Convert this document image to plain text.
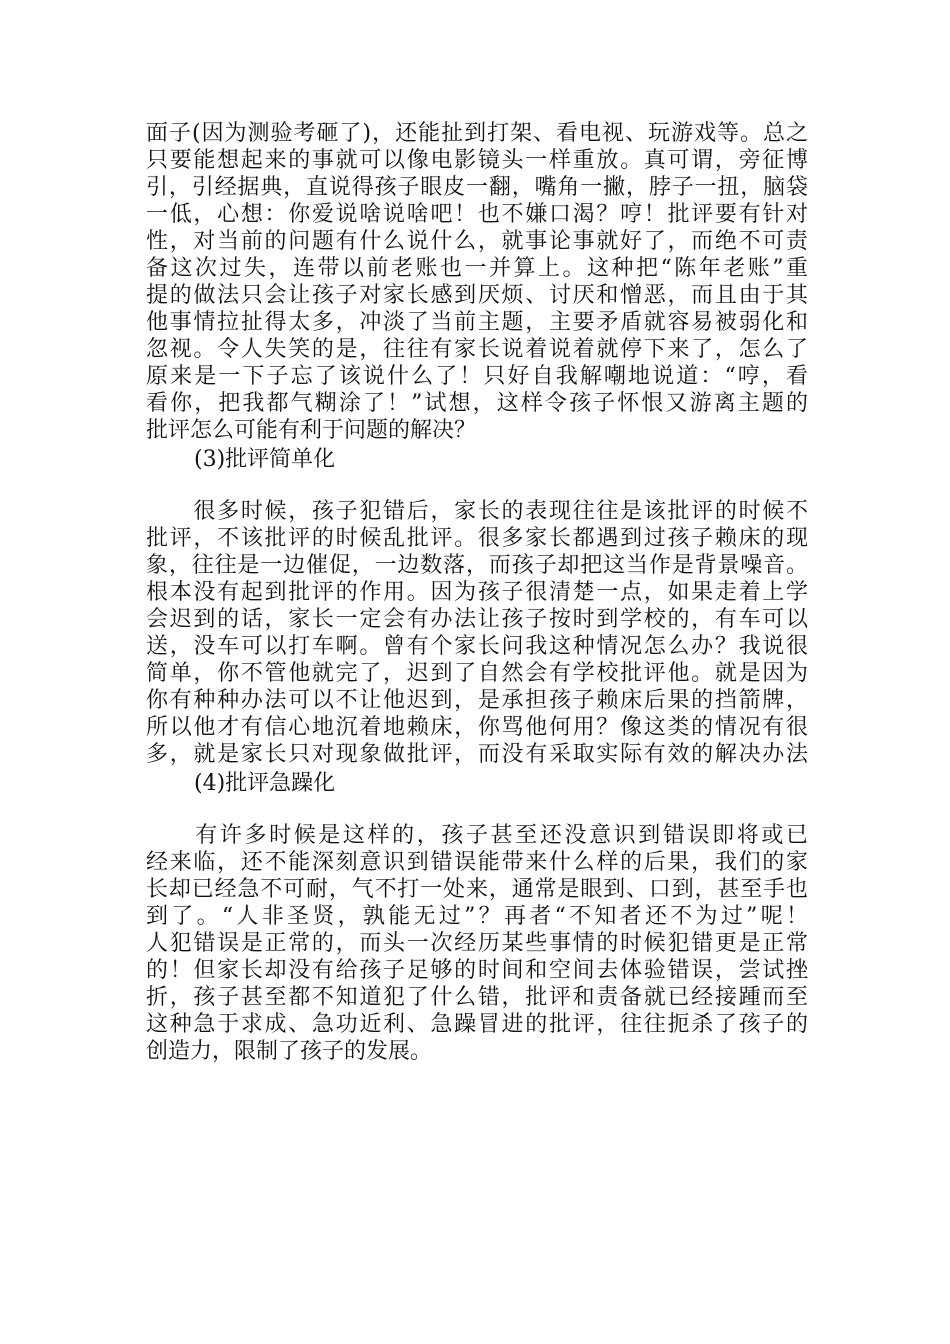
面子(因为测验考砸了)，还能扯到打架、看电视、玩游戏等。总之
只要能想起来的事就可以像电影镜头一样重放。真可谓，旁征博
引，引经据典，直说得孩子眼皮一翻，嘴角一撇，脖子一扭，脑袋
一低，心想：你爱说啥说啥吧！也不嫌口渴？哼！批评要有针对
性，对当前的问题有什么说什么，就事论事就好了，而绝不可责
备这次过失，连带以前老账也一并算上。这种把“陈年老账”重
提的做法只会让孩子对家长感到厌烦、讨厌和憎恶，而且由于其
他事情拉扯得太多，冲淡了当前主题，主要矛盾就容易被弱化和
忽视。令人失笑的是，往往有家长说着说着就停下来了，怎么了
原来是一下子忘了该说什么了！只好自我解嘲地说道：“哼，看
看你，把我都气糊涂了！”试想，这样令孩子怀恨又游离主题的
批评怎么可能有利于问题的解决？
(3)批评简单化
　　很多时候，孩子犯错后，家长的表现往往是该批评的时候不
批评，不该批评的时候乱批评。很多家长都遇到过孩子赖床的现
象，往往是一边催促，一边数落，而孩子却把这当作是背景噪音。
根本没有起到批评的作用。因为孩子很清楚一点，如果走着上学
会迟到的话，家长一定会有办法让孩子按时到学校的，有车可以
送，没车可以打车啊。曾有个家长问我这种情况怎么办？我说很
简单，你不管他就完了，迟到了自然会有学校批评他。就是因为
你有种种办法可以不让他迟到，是承担孩子赖床后果的挡箭牌，
所以他才有信心地沉着地赖床，你骂他何用？像这类的情况有很
多，就是家长只对现象做批评，而没有采取实际有效的解决办法
(4)批评急躁化
　　有许多时候是这样的，孩子甚至还没意识到错误即将或已
经来临，还不能深刻意识到错误能带来什么样的后果，我们的家
长却已经急不可耐，气不打一处来，通常是眼到、口到，甚至手也
到了。“人非圣贤，孰能无过”？再者“不知者还不为过”呢！
人犯错误是正常的，而头一次经历某些事情的时候犯错更是正常
的！但家长却没有给孩子足够的时间和空间去体验错误，尝试挫
折，孩子甚至都不知道犯了什么错，批评和责备就已经接踵而至
这种急于求成、急功近利、急躁冒进的批评，往往扼杀了孩子的
创造力，限制了孩子的发展。
